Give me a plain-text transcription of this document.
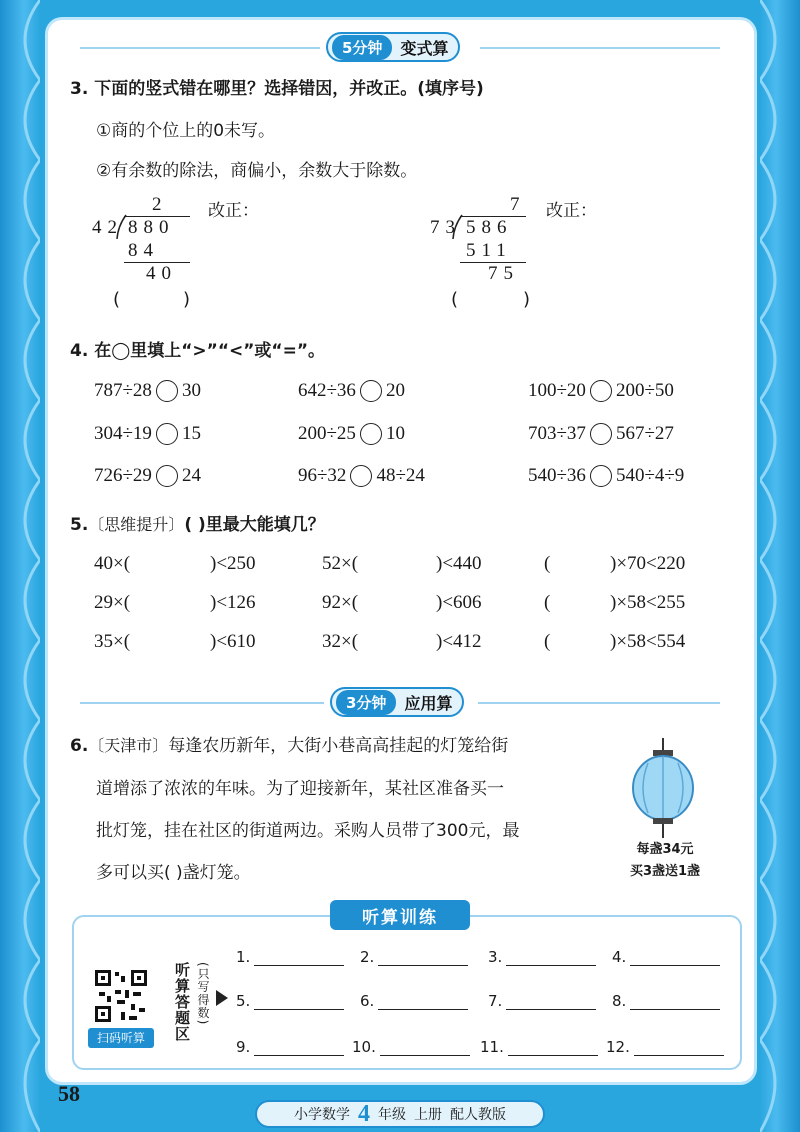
5分钟	变式算
3. 下面的竖式错在哪里？选择错因，并改正。(填序号)
①商的个位上的0未写。
②有余数的除法，商偏小，余数大于除数。
2
42 880
84
40
改正：
(	)
7
73 586
511
75
改正：
(	)
4. 在◯里填上“>”“<”或“=”。
787÷28 30	642÷36 20	100÷20 200÷50
304÷19 15	200÷25 10	703÷37 567÷27
726÷29 24	96÷32 48÷24	540÷36 540÷4÷9
5.〔思维提升〕( )里最大能填几？
40×(	)<250	52×(	)<440	(	)×70<220
29×(	)<126	92×(	)<606	(	)×58<255
35×(	)<610	32×(	)<412	(	)×58<554
3分钟	应用算
6.〔天津市〕每逢农历新年，大街小巷高高挂起的灯笼给街
道增添了浓浓的年味。为了迎接新年，某社区准备买一
批灯笼，挂在社区的街道两边。采购人员带了300元，最
多可以买( )盏灯笼。
每盏34元
买3盏送1盏
听算训练
扫码听算	听算答题区 (只写得数)
1.	2.	3.	4.
5.	6.	7.	8.
9.	10.	11.	12.
58
小学数学 4 年级 上册 配人教版
